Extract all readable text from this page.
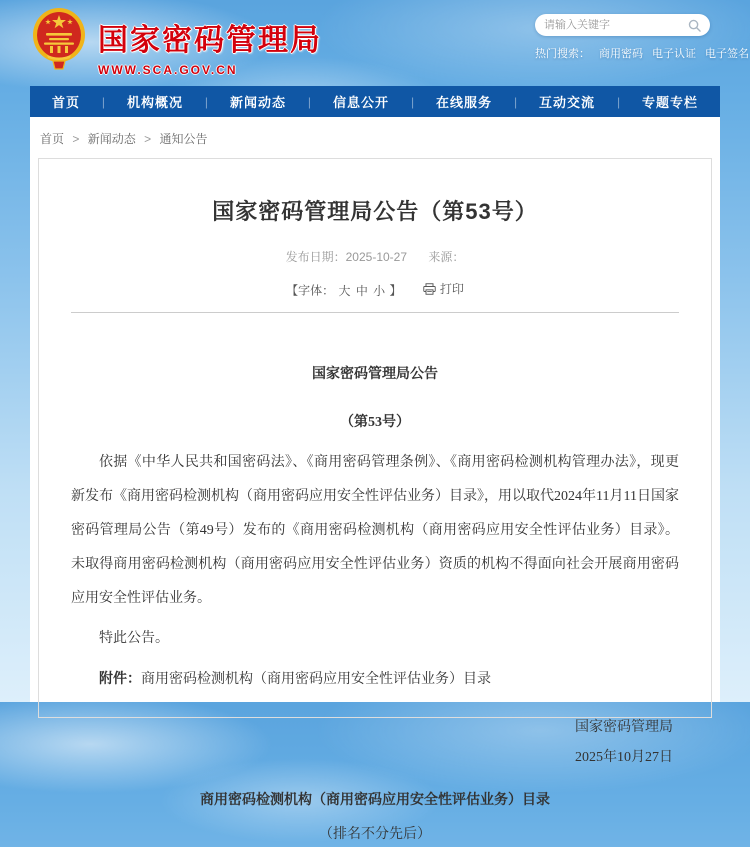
国家密码管理局
WWW.SCA.GOV.CN
请输入关键字
热门搜索： 商用密码 电子认证 电子签名
首页 | 机构概况 | 新闻动态 | 信息公开 | 在线服务 | 互动交流 | 专题专栏
首页 > 新闻动态 > 通知公告
国家密码管理局公告（第53号）
发布日期：2025-10-27 来源：
【字体： 大 中 小 】	打印
国家密码管理局公告
（第53号）

依据《中华人民共和国密码法》、《商用密码管理条例》、《商用密码检测机构管理办法》，现更新发布《商用密码检测机构（商用密码应用安全性评估业务）目录》，用以取代2024年11月11日国家密码管理局公告（第49号）发布的《商用密码检测机构（商用密码应用安全性评估业务）目录》。未取得商用密码检测机构（商用密码应用安全性评估业务）资质的机构不得面向社会开展商用密码应用安全性评估业务。

特此公告。

附件：商用密码检测机构（商用密码应用安全性评估业务）目录

国家密码管理局
2025年10月27日
商用密码检测机构（商用密码应用安全性评估业务）目录
（排名不分先后）
